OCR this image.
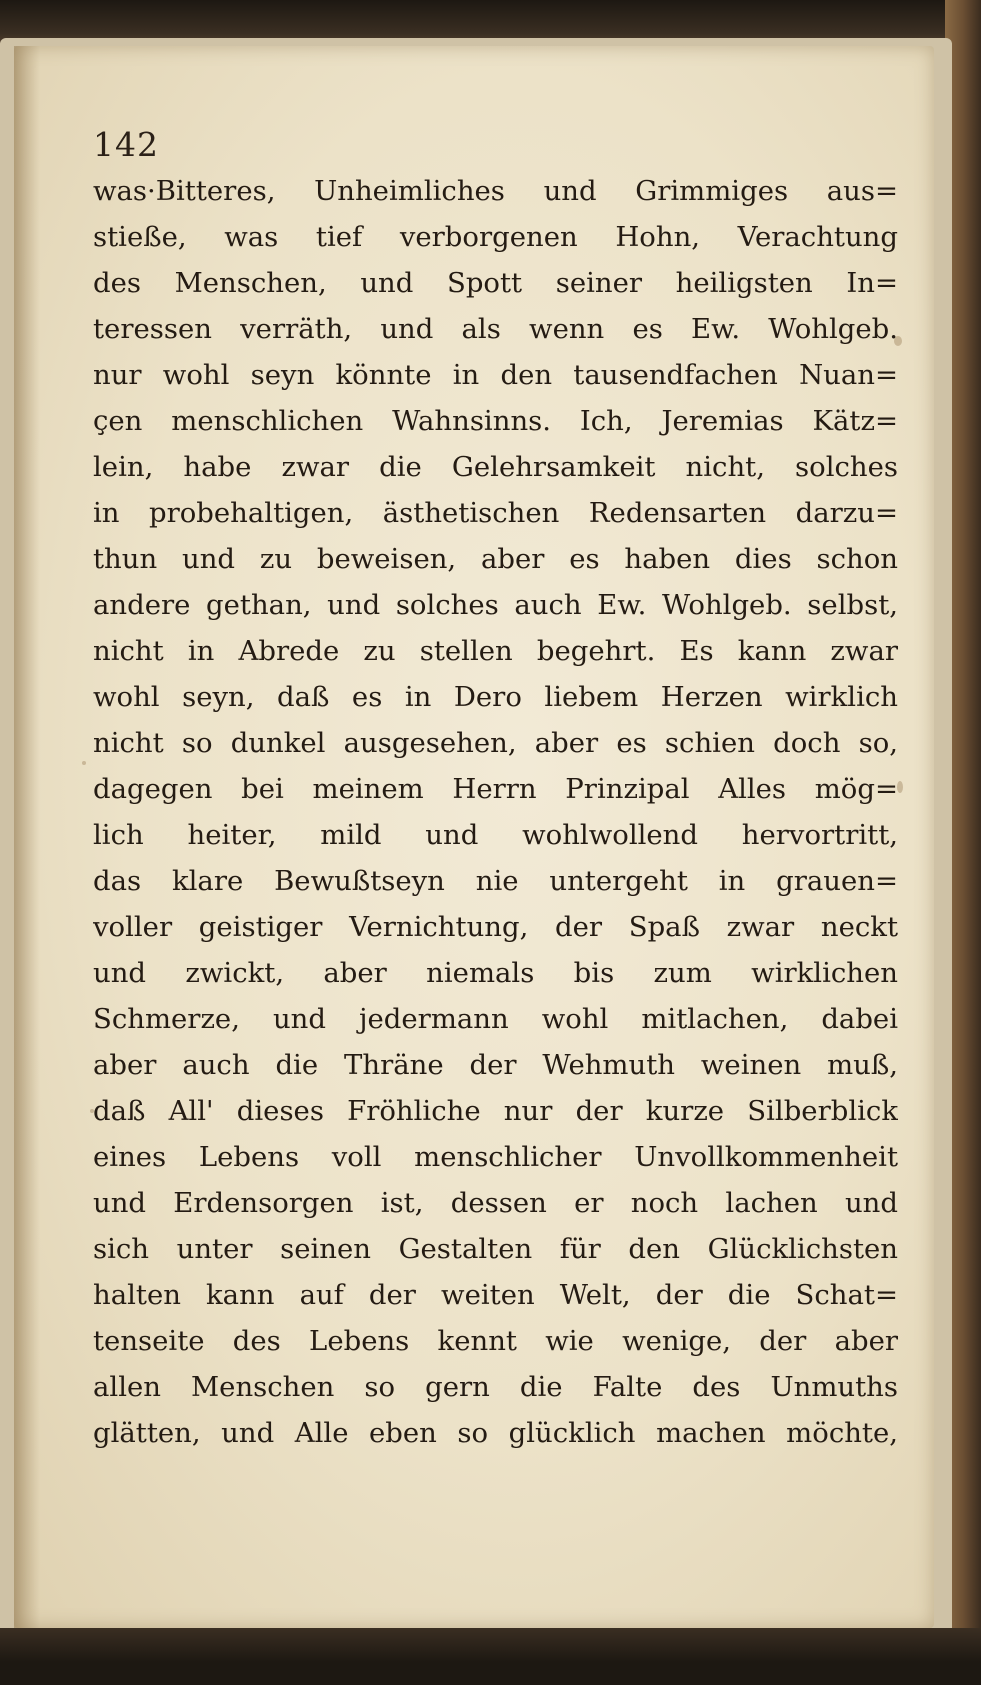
142

was·Bitteres, Unheimliches und Grimmiges aus=
stieße, was tief verborgenen Hohn, Verachtung
des Menschen, und Spott seiner heiligsten In=
teressen verräth, und als wenn es Ew. Wohlgeb.
nur wohl seyn könnte in den tausendfachen Nuan=
çen menschlichen Wahnsinns. Ich, Jeremias Kätz=
lein, habe zwar die Gelehrsamkeit nicht, solches
in probehaltigen, ästhetischen Redensarten darzu=
thun und zu beweisen, aber es haben dies schon
andere gethan, und solches auch Ew. Wohlgeb. selbst,
nicht in Abrede zu stellen begehrt. Es kann zwar
wohl seyn, daß es in Dero liebem Herzen wirklich
nicht so dunkel ausgesehen, aber es schien doch so,
dagegen bei meinem Herrn Prinzipal Alles mög=
lich heiter, mild und wohlwollend hervortritt,
das klare Bewußtseyn nie untergeht in grauen=
voller geistiger Vernichtung, der Spaß zwar neckt
und zwickt, aber niemals bis zum wirklichen
Schmerze, und jedermann wohl mitlachen, dabei
aber auch die Thräne der Wehmuth weinen muß,
daß All' dieses Fröhliche nur der kurze Silberblick
eines Lebens voll menschlicher Unvollkommenheit
und Erdensorgen ist, dessen er noch lachen und
sich unter seinen Gestalten für den Glücklichsten
halten kann auf der weiten Welt, der die Schat=
tenseite des Lebens kennt wie wenige, der aber
allen Menschen so gern die Falte des Unmuths
glätten, und Alle eben so glücklich machen möchte,
